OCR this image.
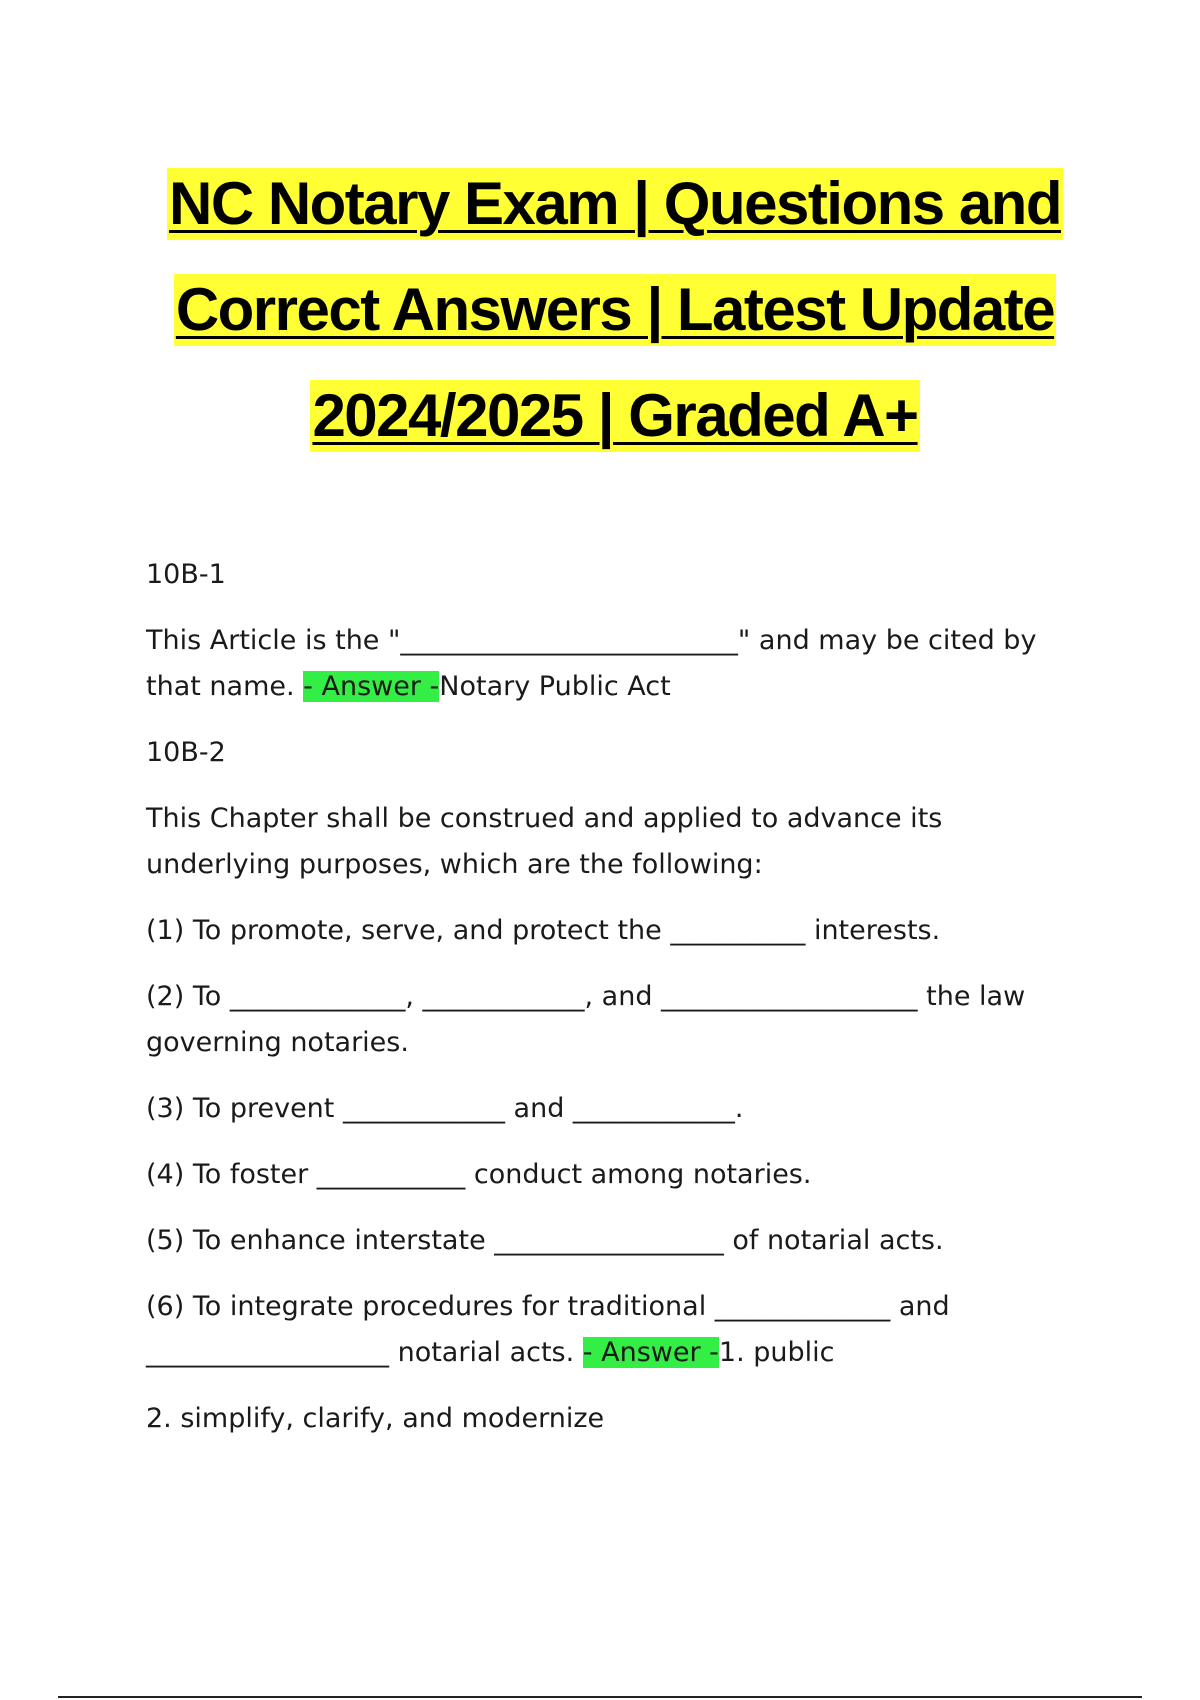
NC Notary Exam | Questions and
Correct Answers | Latest Update
2024/2025 | Graded A+

10B-1

This Article is the "_________________________" and may be cited by that name. - Answer -Notary Public Act

10B-2

This Chapter shall be construed and applied to advance its underlying purposes, which are the following:

(1) To promote, serve, and protect the __________ interests.

(2) To _____________, ____________, and ___________________ the law governing notaries.

(3) To prevent ____________ and ____________.

(4) To foster ___________ conduct among notaries.

(5) To enhance interstate _________________ of notarial acts.

(6) To integrate procedures for traditional _____________ and __________________ notarial acts. - Answer -1. public

2. simplify, clarify, and modernize
